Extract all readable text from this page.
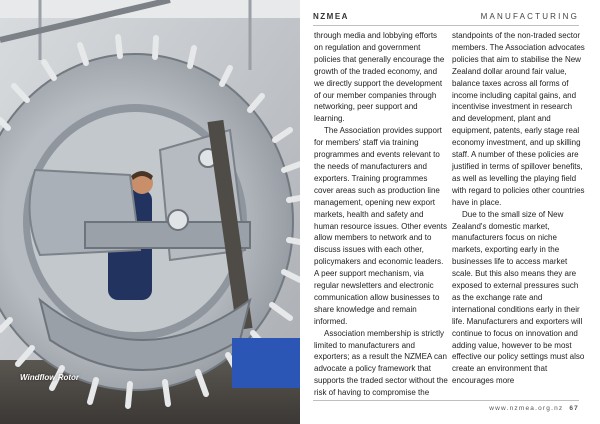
Windflow Rotor
NZMEA	MANUFACTURING

through media and lobbying efforts on regulation and government policies that generally encourage the growth of the traded economy, and we directly support the development of our member companies through networking, peer support and learning.

The Association provides support for members' staff via training programmes and events relevant to the needs of manufacturers and exporters. Training programmes cover areas such as production line management, opening new export markets, health and safety and human resource issues. Other events allow members to network and to discuss issues with each other, policymakers and economic leaders. A peer support mechanism, via regular newsletters and electronic communication allow businesses to share knowledge and remain informed.

Association membership is strictly limited to manufacturers and exporters; as a result the NZMEA can advocate a policy framework that supports the traded sector without the risk of having to compromise the

standpoints of the non-traded sector members. The Association advocates policies that aim to stabilise the New Zealand dollar around fair value, balance taxes across all forms of income including capital gains, and incentivise investment in research and development, plant and equipment, patents, early stage real economy investment, and up skilling staff. A number of these policies are justified in terms of spillover benefits, as well as levelling the playing field with regard to policies other countries have in place.

Due to the small size of New Zealand's domestic market, manufacturers focus on niche markets, exporting early in the businesses life to access market scale. But this also means they are exposed to external pressures such as the exchange rate and international conditions early in their life. Manufacturers and exporters will continue to focus on innovation and adding value, however to be most effective our policy settings must also create an environment that encourages more

www.nzmea.org.nz 67
